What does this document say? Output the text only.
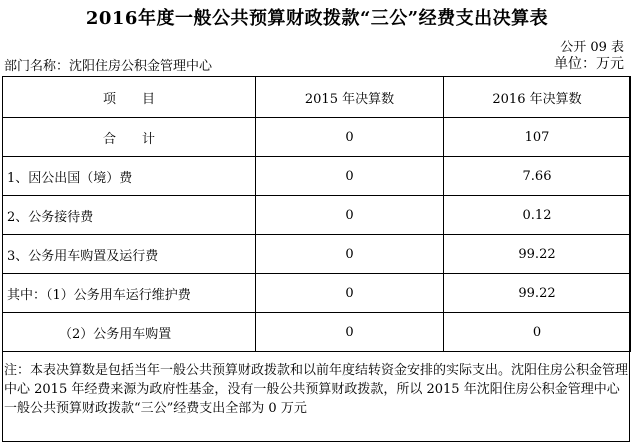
2016年度一般公共预算财政拨款“三公”经费支出决算表
公开 09 表
部门名称：沈阳住房公积金管理中心	单位：万元
项　　目	2015 年决算数	2016 年决算数
合　　计	0	107
1、因公出国（境）费	0	7.66
2、公务接待费	0	0.12
3、公务用车购置及运行费	0	99.22
其中：（1）公务用车运行维护费	0	99.22
（2）公务用车购置	0	0
注：本表决算数是包括当年一般公共预算财政拨款和以前年度结转资金安排的实际支出。沈阳住房公积金管理中心 2015 年经费来源为政府性基金，没有一般公共预算财政拨款，所以 2015 年沈阳住房公积金管理中心一般公共预算财政拨款“三公”经费支出全部为 0 万元
